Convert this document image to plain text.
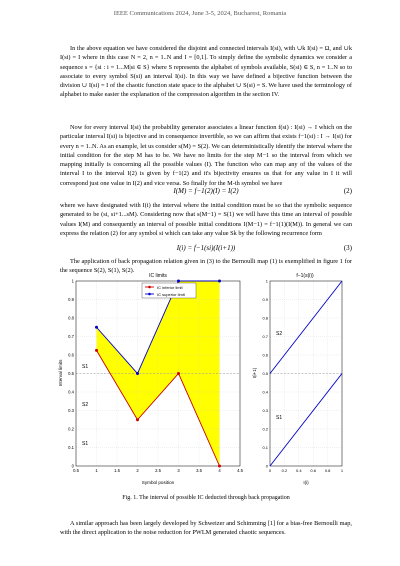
IEEE Communications 2024, June 3-5, 2024, Bucharest, Romania

In the above equation we have considered the disjoint and connected intervals I(si), with ∪k I(si) = Ω, and ∪k I(si) = I where in this case N = 2, n = 1..N and I = [0,1]. To simply define the symbolic dynamics we consider a sequence s = {si : i = 1...M|si ∈ S} where S represents the alphabet of symbols available, S(si) ∈ S, n = 1..N so to associate to every symbol S(si) an interval I(si). In this way we have defined a bijective function between the division ∪ I(si) = I of the chaotic function state space to the alphabet ∪ S(si) = S. We have used the terminology of alphabet to make easier the explanation of the compression algorithm in the section IV.

Now for every interval I(si) the probability generator associates a linear function f(si) : I(si) → I which on the particular interval I(si) is bijective and in consequence invertible, so we can affirm that exists f−1(si) : I → I(si) for every n = 1..N. As an example, let us consider s(M) = S(2). We can deterministically identify the interval where the initial condition for the step M has to be. We have no limits for the step M−1 so the interval from which we mapping initially is concerning all the possible values (I). The function who can map any of the values of the interval I to the interval I(2) is given by f−1(2) and it's bijectivity ensures us that for any value in I it will correspond just one value in I(2) and vice versa. So finally for the M-th symbol we have

I(M) = f−1(2)(I) = I(2)	(2)

where we have designated with I(i) the interval where the initial condition must be so that the symbolic sequence generated to be (si, si+1...sM). Considering now that s(M−1) = S(1) we will have this time an interval of possible values I(M) and consequently an interval of possible initial conditions I(M−1) = f−1(1)(I(M)). In general we can express the relation (2) for any symbol si which can take any value Sk by the following recurrence form

I(i) = f−1(si)(I(i+1))	(3)

The application of back propagation relation given in (3) to the Bernoulli map (1) is exemplified in figure 1 for the sequence S(2), S(1), S(2).

IC limits
0.5	1	1.5	2	2.5	3	3.5	4	4.5
0
0.1
0.2
0.3
0.4
0.5
0.6
0.7
0.8
0.9
1
S1
S1
S2
IC inferior limit
IC superior limit
Symbol position
Interval limits
f−1(s(i))
0	0.2 0.4 0.6 0.8	1
0
0.1
0.2
0.3
0.4
0.5
0.6
0.7
0.8
0.9
1
S2
S1
I(i)
I(i+1)
Fig. 1. The interval of possible IC deducted through back propagation

A similar approach has been largely developed by Schweizer and Schimming [1] for a bias-free Bernoulli map, with the direct application to the noise reduction for PWLM generated chaotic sequences.
